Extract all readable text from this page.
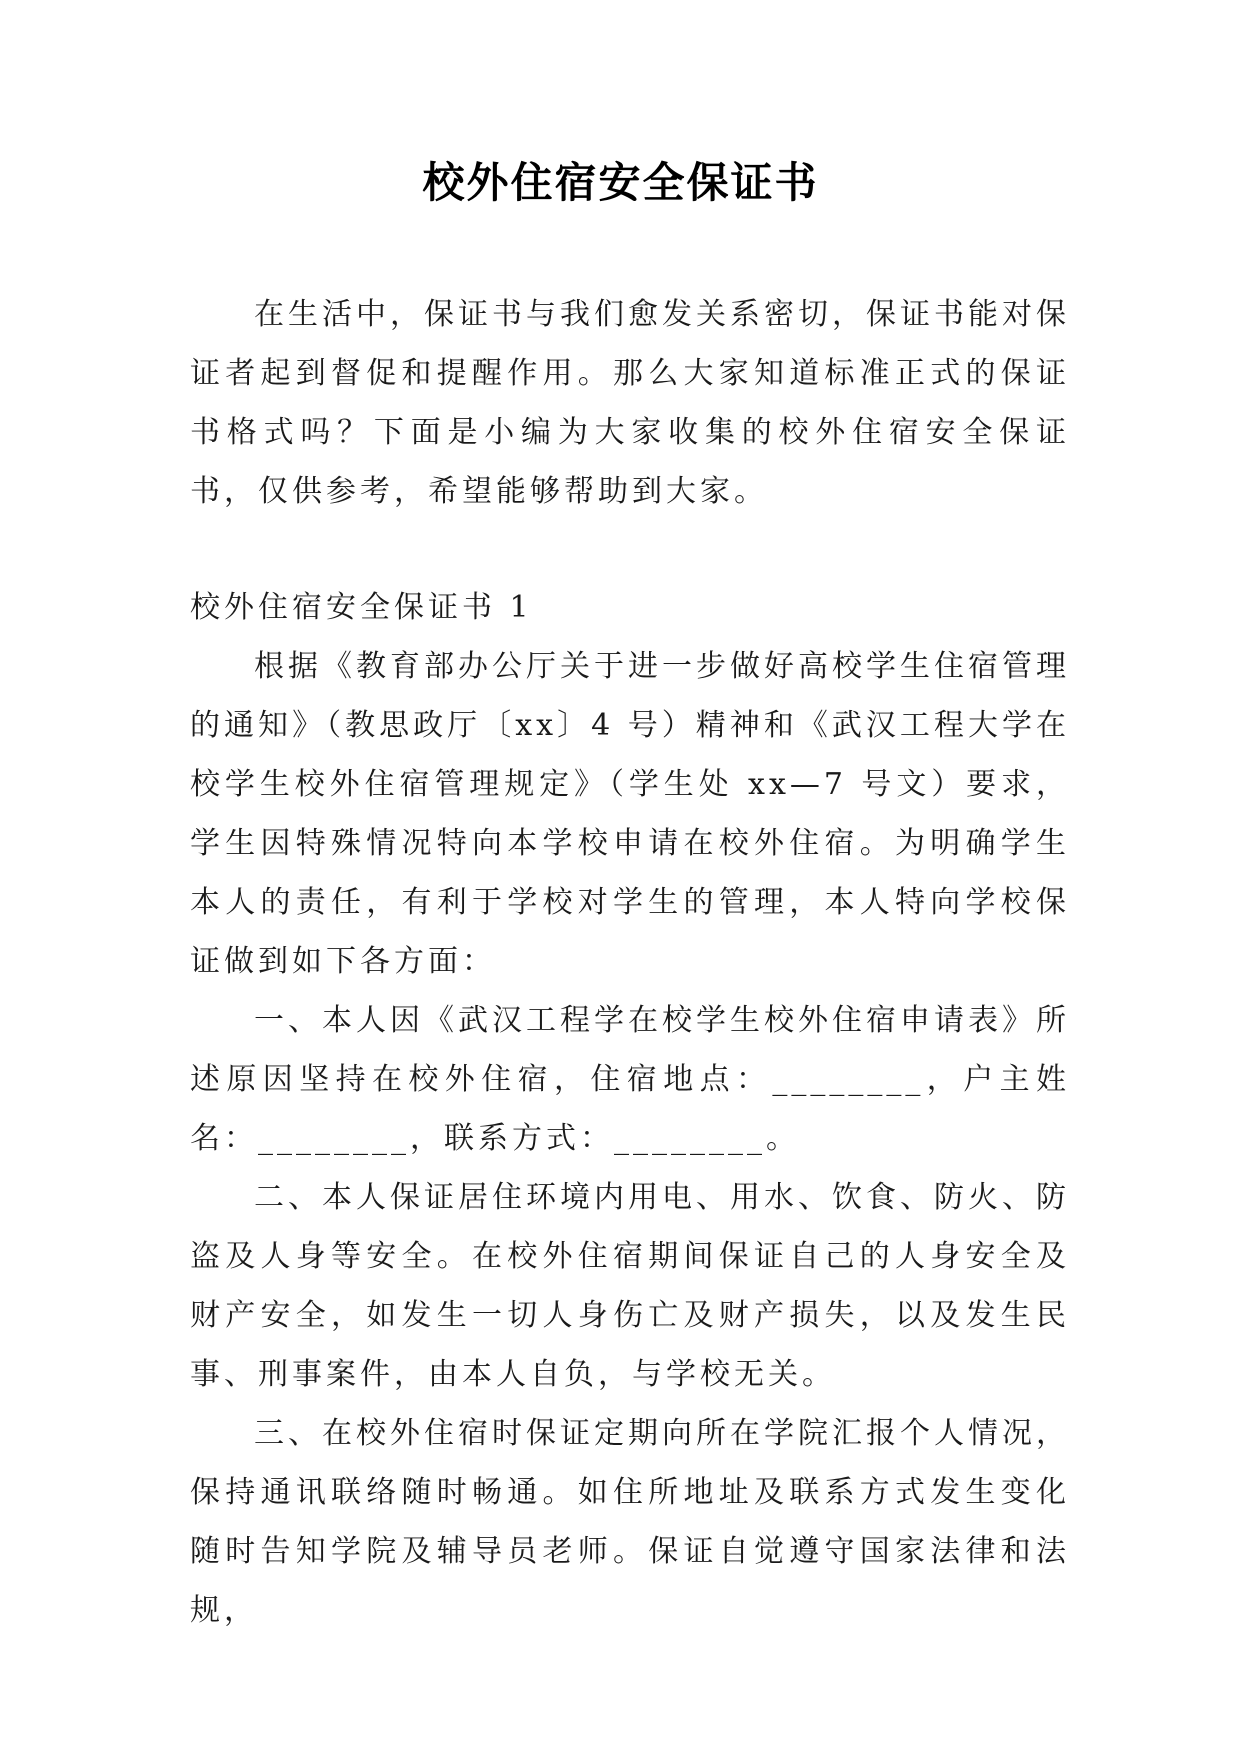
校外住宿安全保证书

在生活中，保证书与我们愈发关系密切，保证书能对保证者起到督促和提醒作用。那么大家知道标准正式的保证书格式吗？下面是小编为大家收集的校外住宿安全保证书，仅供参考，希望能够帮助到大家。

校外住宿安全保证书 1

根据《教育部办公厅关于进一步做好高校学生住宿管理的通知》（教思政厅〔xx〕4 号）精神和《武汉工程大学在校学生校外住宿管理规定》（学生处 xx—7 号文）要求，学生因特殊情况特向本学校申请在校外住宿。为明确学生本人的责任，有利于学校对学生的管理，本人特向学校保证做到如下各方面：

一、本人因《武汉工程学在校学生校外住宿申请表》所述原因坚持在校外住宿，住宿地点：________，户主姓名：________，联系方式：________。

二、本人保证居住环境内用电、用水、饮食、防火、防盗及人身等安全。在校外住宿期间保证自己的人身安全及财产安全，如发生一切人身伤亡及财产损失，以及发生民事、刑事案件，由本人自负，与学校无关。

三、在校外住宿时保证定期向所在学院汇报个人情况，保持通讯联络随时畅通。如住所地址及联系方式发生变化随时告知学院及辅导员老师。保证自觉遵守国家法律和法规，
